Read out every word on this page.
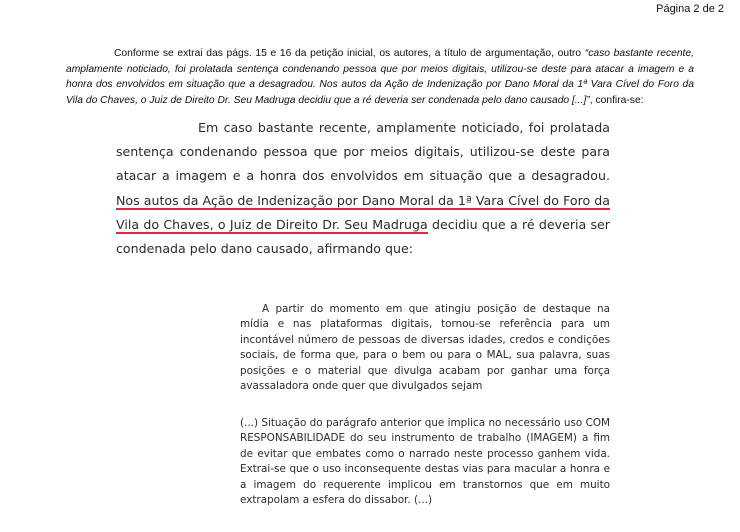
Página 2 de 2

Conforme se extrai das págs. 15 e 16 da petição inicial, os autores, a título de argumentação, outro “caso bastante recente, amplamente noticiado, foi prolatada sentença condenando pessoa que por meios digitais, utilizou-se deste para atacar a imagem e a honra dos envolvidos em situação que a desagradou. Nos autos da Ação de Indenização por Dano Moral da 1ª Vara Cível do Foro da Vila do Chaves, o Juiz de Direito Dr. Seu Madruga decidiu que a ré deveria ser condenada pelo dano causado [...]”, confira-se:

Em caso bastante recente, amplamente noticiado, foi prolatada sentença condenando pessoa que por meios digitais, utilizou-se deste para atacar a imagem e a honra dos envolvidos em situação que a desagradou. Nos autos da Ação de Indenização por Dano Moral da 1ª Vara Cível do Foro da Vila do Chaves, o Juiz de Direito Dr. Seu Madruga decidiu que a ré deveria ser condenada pelo dano causado, afirmando que:

A partir do momento em que atingiu posição de destaque na mídia e nas plataformas digitais, tornou-se referência para um incontável número de pessoas de diversas idades, credos e condições sociais, de forma que, para o bem ou para o MAL, sua palavra, suas posições e o material que divulga acabam por ganhar uma força avassaladora onde quer que divulgados sejam

(...) Situação do parágrafo anterior que implica no necessário uso COM RESPONSABILIDADE do seu instrumento de trabalho (IMAGEM) a fim de evitar que embates como o narrado neste processo ganhem vida. Extrai-se que o uso inconsequente destas vias para macular a honra e a imagem do requerente implicou em transtornos que em muito extrapolam a esfera do dissabor. (...)
